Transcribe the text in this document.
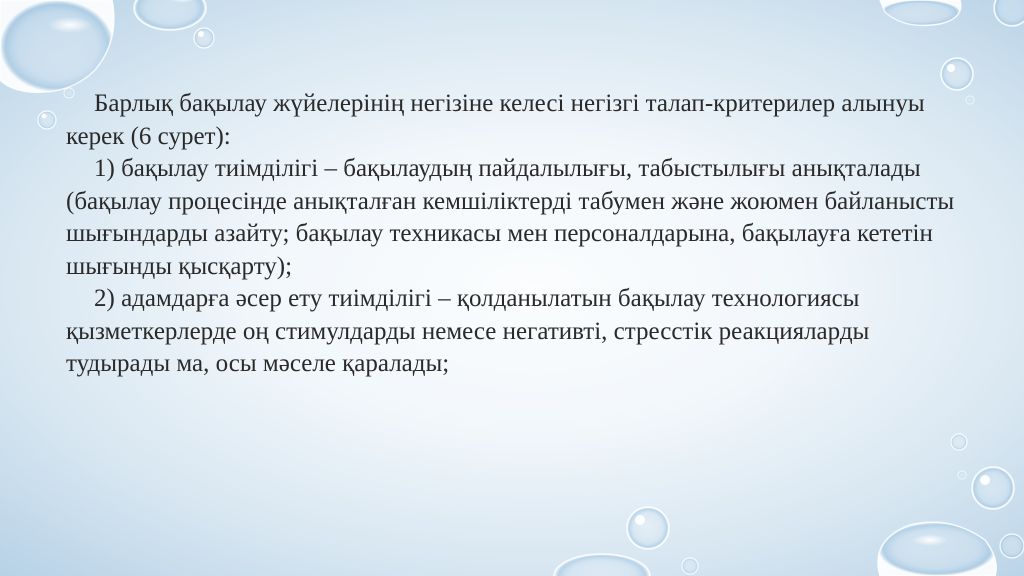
Барлық бақылау жүйелерінің негізіне келесі негізгі талап-критерилер алынуы керек (6 сурет):

1) бақылау тиімділігі – бақылаудың пайдалылығы, табыстылығы анықталады (бақылау процесінде анықталған кемшіліктерді табумен және жоюмен байланысты шығындарды азайту; бақылау техникасы мен персоналдарына, бақылауға кететін шығынды қысқарту);

2) адамдарға әсер ету тиімділігі – қолданылатын бақылау технологиясы қызметкерлерде оң стимулдарды немесе негативті, стресстік реакцияларды тудырады ма, осы мәселе қаралады;
